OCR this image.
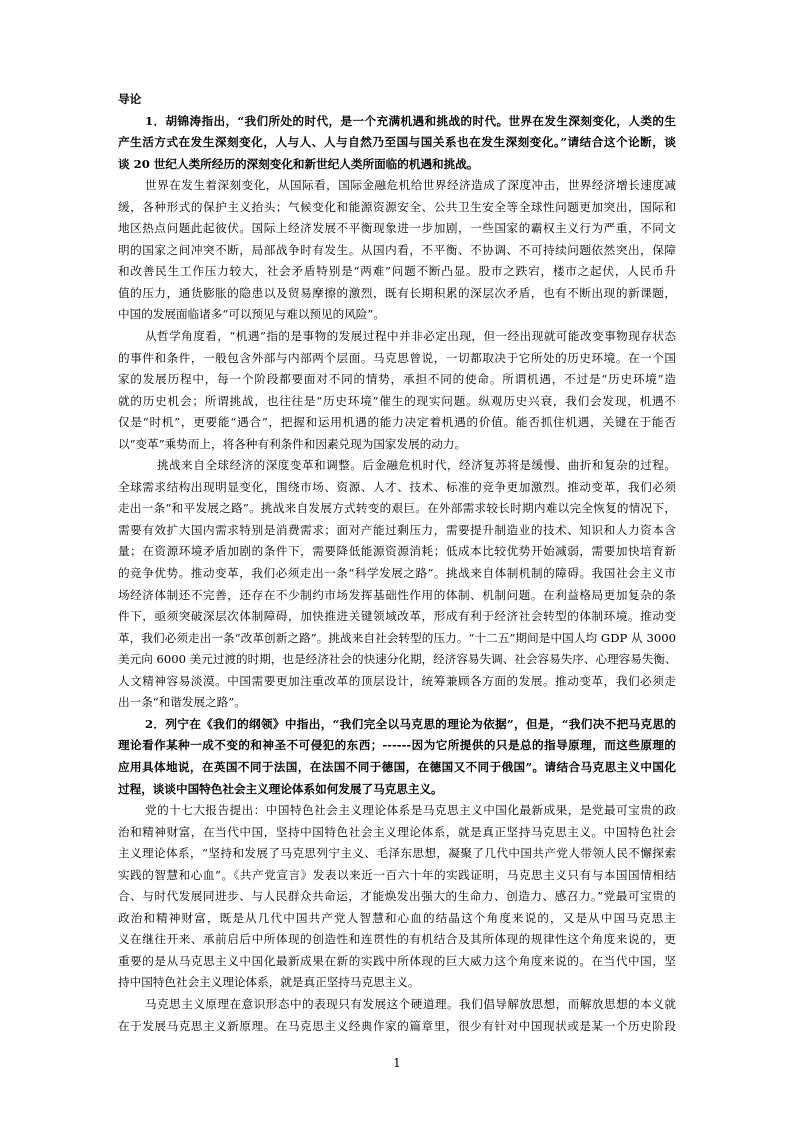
导论
1．胡锦涛指出，“我们所处的时代，是一个充满机遇和挑战的时代。世界在发生深刻变化，人类的生
产生活方式在发生深刻变化，人与人、人与自然乃至国与国关系也在发生深刻变化。”请结合这个论断，谈
谈 20 世纪人类所经历的深刻变化和新世纪人类所面临的机遇和挑战。
世界在发生着深刻变化，从国际看，国际金融危机给世界经济造成了深度冲击，世界经济增长速度减
缓，各种形式的保护主义抬头；气候变化和能源资源安全、公共卫生安全等全球性问题更加突出，国际和
地区热点问题此起彼伏。国际上经济发展不平衡现象进一步加剧，一些国家的霸权主义行为严重，不同文
明的国家之间冲突不断，局部战争时有发生。从国内看，不平衡、不协调、不可持续问题依然突出，保障
和改善民生工作压力较大，社会矛盾特别是“两难”问题不断凸显。股市之跌宕，楼市之起伏，人民币升
值的压力，通货膨胀的隐患以及贸易摩擦的激烈，既有长期积累的深层次矛盾，也有不断出现的新课题，
中国的发展面临诸多“可以预见与难以预见的风险”。
从哲学角度看，“机遇”指的是事物的发展过程中并非必定出现，但一经出现就可能改变事物现存状态
的事件和条件，一般包含外部与内部两个层面。马克思曾说，一切都取决于它所处的历史环境。在一个国
家的发展历程中，每一个阶段都要面对不同的情势，承担不同的使命。所谓机遇，不过是“历史环境”造
就的历史机会；所谓挑战，也往往是“历史环境”催生的现实问题。纵观历史兴衰，我们会发现，机遇不
仅是“时机”，更要能“遇合”，把握和运用机遇的能力决定着机遇的价值。能否抓住机遇，关键在于能否
以“变革”乘势而上，将各种有利条件和因素兑现为国家发展的动力。
挑战来自全球经济的深度变革和调整。后金融危机时代，经济复苏将是缓慢、曲折和复杂的过程。
全球需求结构出现明显变化，围绕市场、资源、人才、技术、标准的竞争更加激烈。推动变革，我们必须
走出一条“和平发展之路”。挑战来自发展方式转变的艰巨。在外部需求较长时期内难以完全恢复的情况下，
需要有效扩大国内需求特别是消费需求；面对产能过剩压力，需要提升制造业的技术、知识和人力资本含
量；在资源环境矛盾加剧的条件下，需要降低能源资源消耗；低成本比较优势开始减弱，需要加快培育新
的竞争优势。推动变革，我们必须走出一条“科学发展之路”。挑战来自体制机制的障碍。我国社会主义市
场经济体制还不完善，还存在不少制约市场发挥基础性作用的体制、机制问题。在利益格局更加复杂的条
件下，亟须突破深层次体制障碍，加快推进关键领域改革，形成有利于经济社会转型的体制环境。推动变
革，我们必须走出一条“改革创新之路”。挑战来自社会转型的压力。“十二五”期间是中国人均 GDP 从 3000
美元向 6000 美元过渡的时期，也是经济社会的快速分化期，经济容易失调、社会容易失序、心理容易失衡、
人文精神容易淡漠。中国需要更加注重改革的顶层设计，统筹兼顾各方面的发展。推动变革，我们必须走
出一条“和谐发展之路”。
2．列宁在《我们的纲领》中指出，“我们完全以马克思的理论为依据”，但是，“我们决不把马克思的
理论看作某种一成不变的和神圣不可侵犯的东西；------因为它所提供的只是总的指导原理，而这些原理的
应用具体地说，在英国不同于法国，在法国不同于德国，在德国又不同于俄国”。请结合马克思主义中国化
过程，谈谈中国特色社会主义理论体系如何发展了马克思主义。
党的十七大报告提出：中国特色社会主义理论体系是马克思主义中国化最新成果，是党最可宝贵的政
治和精神财富，在当代中国，坚持中国特色社会主义理论体系，就是真正坚持马克思主义。中国特色社会
主义理论体系，“坚持和发展了马克思列宁主义、毛泽东思想，凝聚了几代中国共产党人带领人民不懈探索
实践的智慧和心血”。《共产党宣言》发表以来近一百六十年的实践证明，马克思主义只有与本国国情相结
合、与时代发展同进步、与人民群众共命运，才能焕发出强大的生命力、创造力、感召力。”党最可宝贵的
政治和精神财富，既是从几代中国共产党人智慧和心血的结晶这个角度来说的，又是从中国马克思主
义在继往开来、承前启后中所体现的创造性和连贯性的有机结合及其所体现的规律性这个角度来说的，更
重要的是从马克思主义中国化最新成果在新的实践中所体现的巨大威力这个角度来说的。在当代中国，坚
持中国特色社会主义理论体系，就是真正坚持马克思主义。
马克思主义原理在意识形态中的表现只有发展这个硬道理。我们倡导解放思想，而解放思想的本义就
在于发展马克思主义新原理。在马克思主义经典作家的篇章里，很少有针对中国现状或是某一个历史阶段
1
